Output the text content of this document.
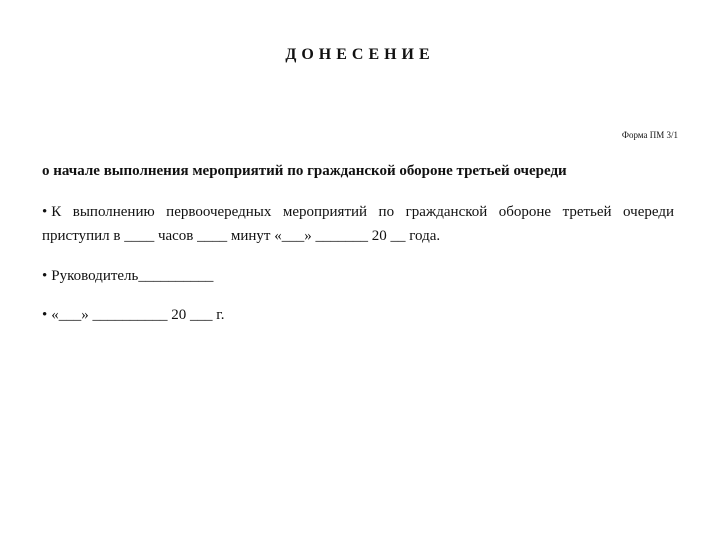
ДОНЕСЕНИЕ
Форма ПМ 3/1
о начале выполнения мероприятий по гражданской обороне третьей очереди
• К выполнению первоочередных мероприятий по гражданской обороне третьей очереди приступил в ____ часов ____ минут «___» _______ 20 __ года.
• Руководитель__________
• «___» __________ 20 ___ г.
